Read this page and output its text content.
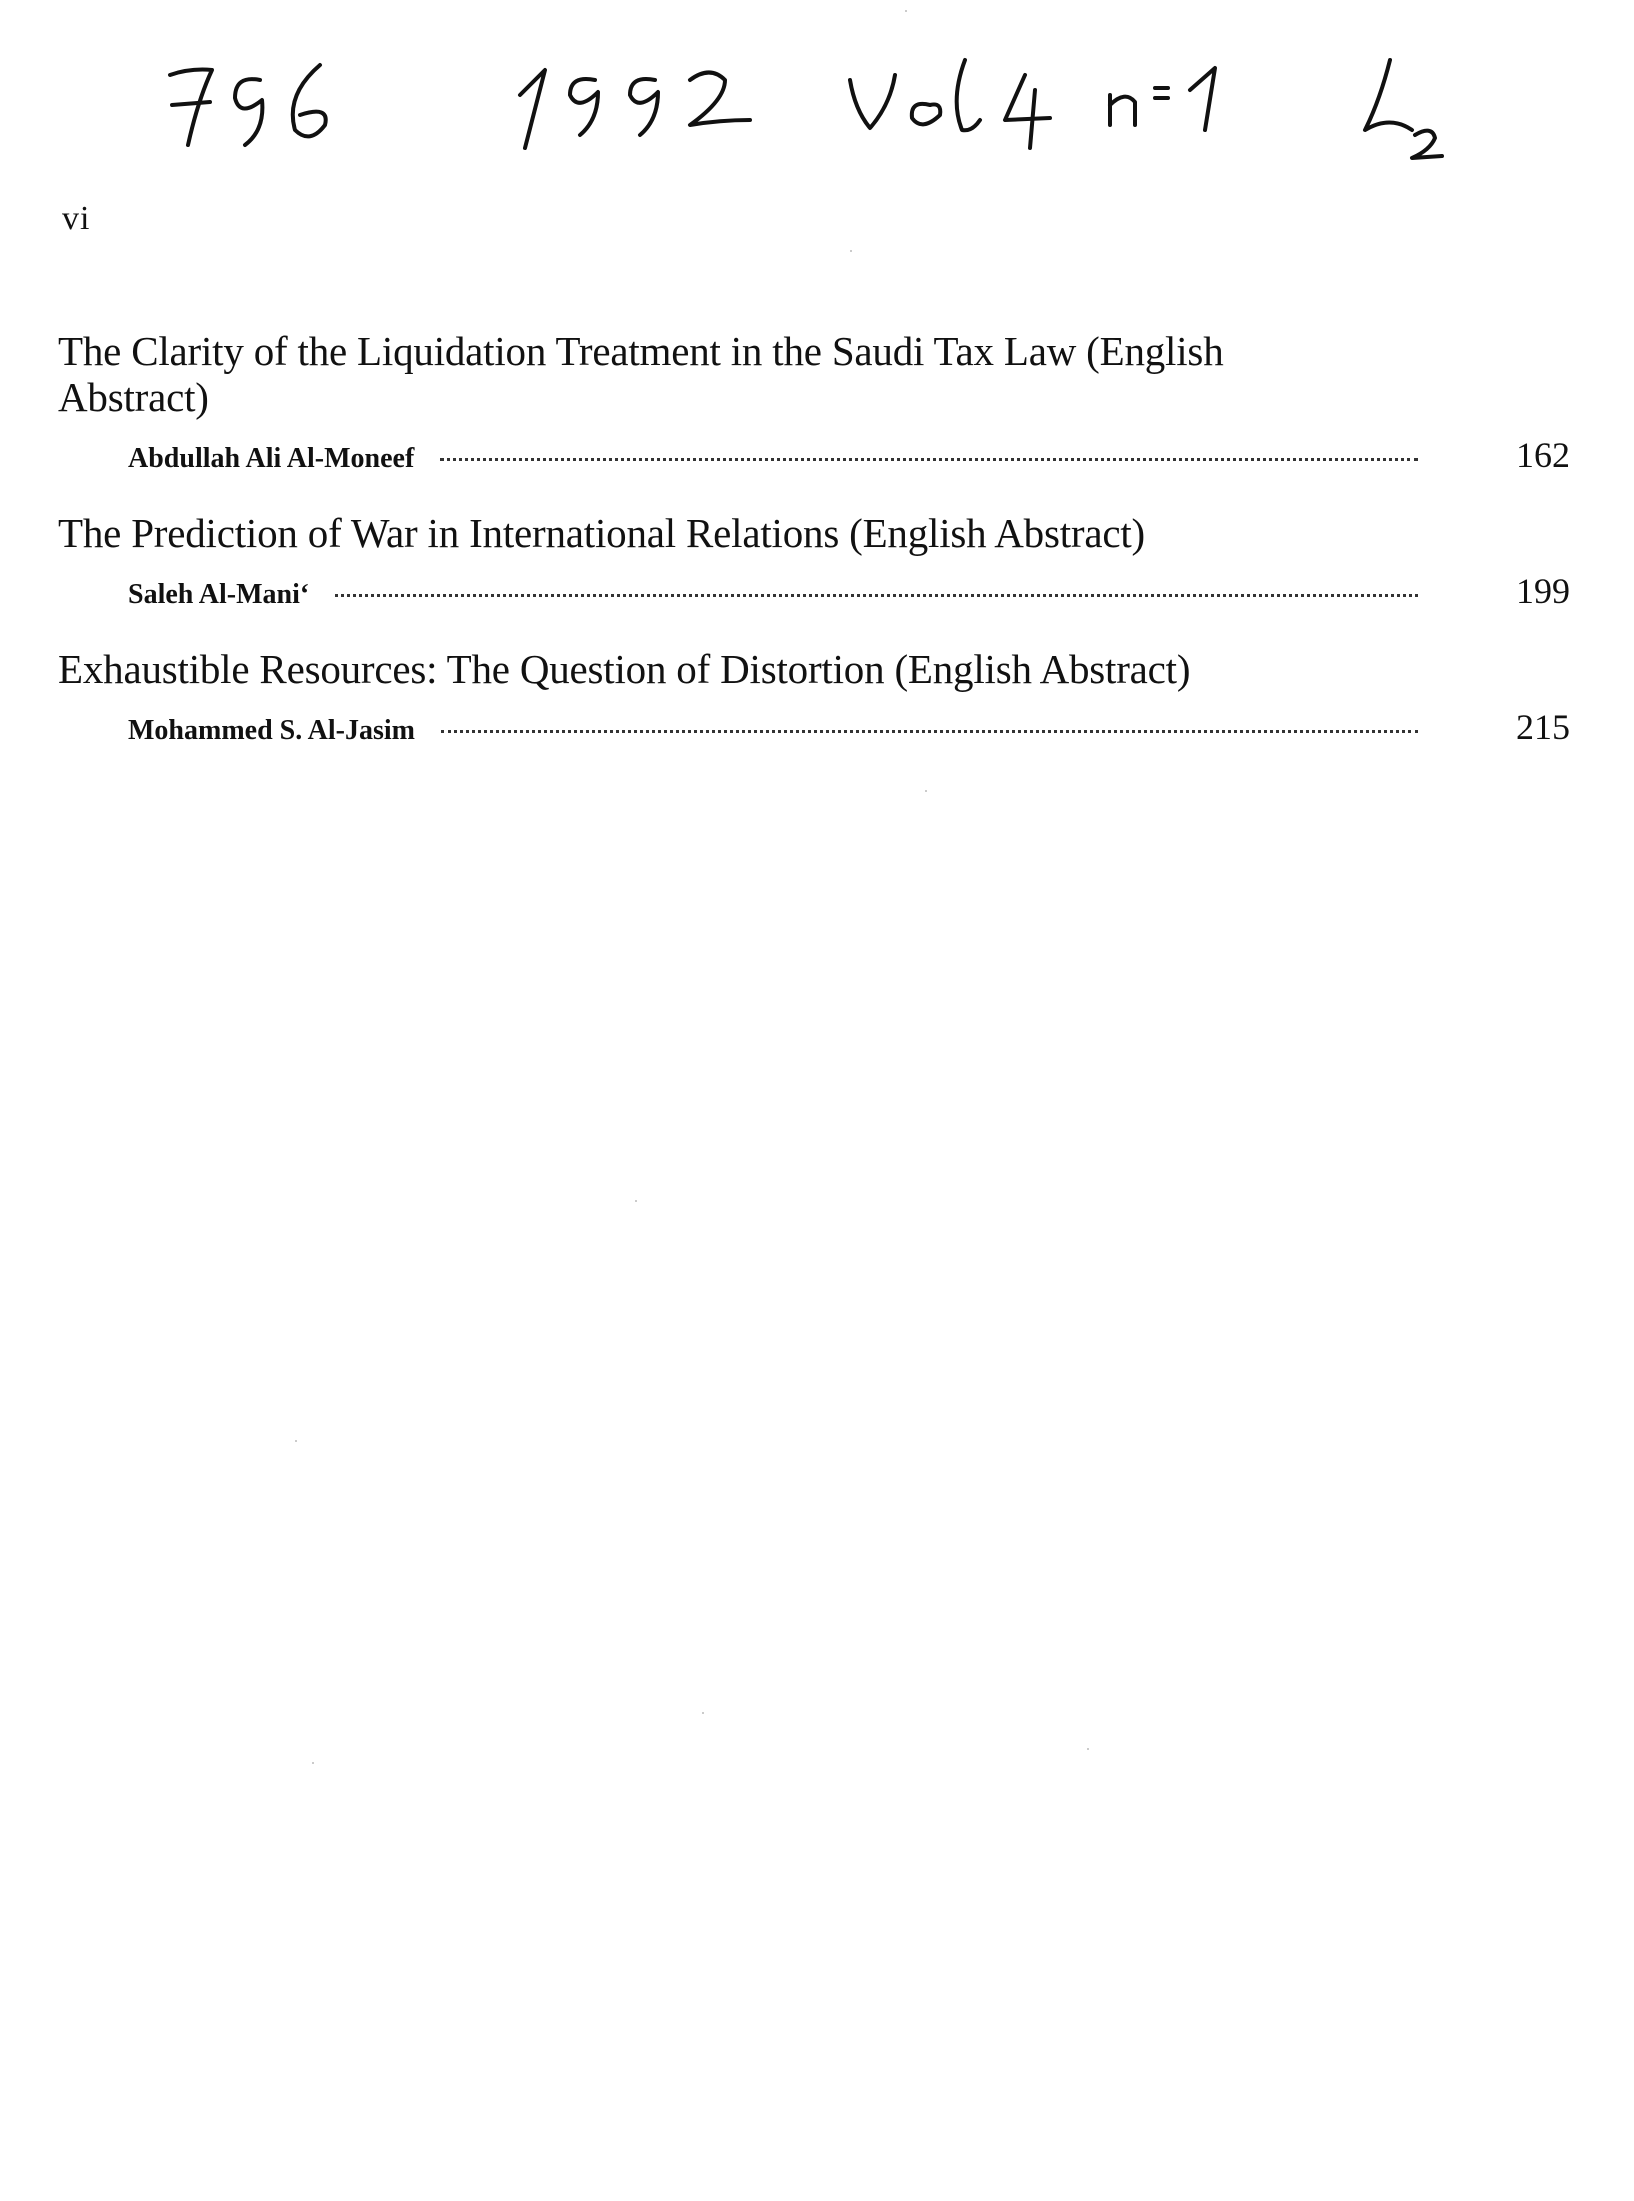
vi
The Clarity of the Liquidation Treatment in the Saudi Tax Law (English Abstract)
Abdullah Ali Al-Moneef	162
The Prediction of War in International Relations (English Abstract)
Saleh Al-Mani‘	199
Exhaustible Resources: The Question of Distortion (English Abstract)
Mohammed S. Al-Jasim	215
